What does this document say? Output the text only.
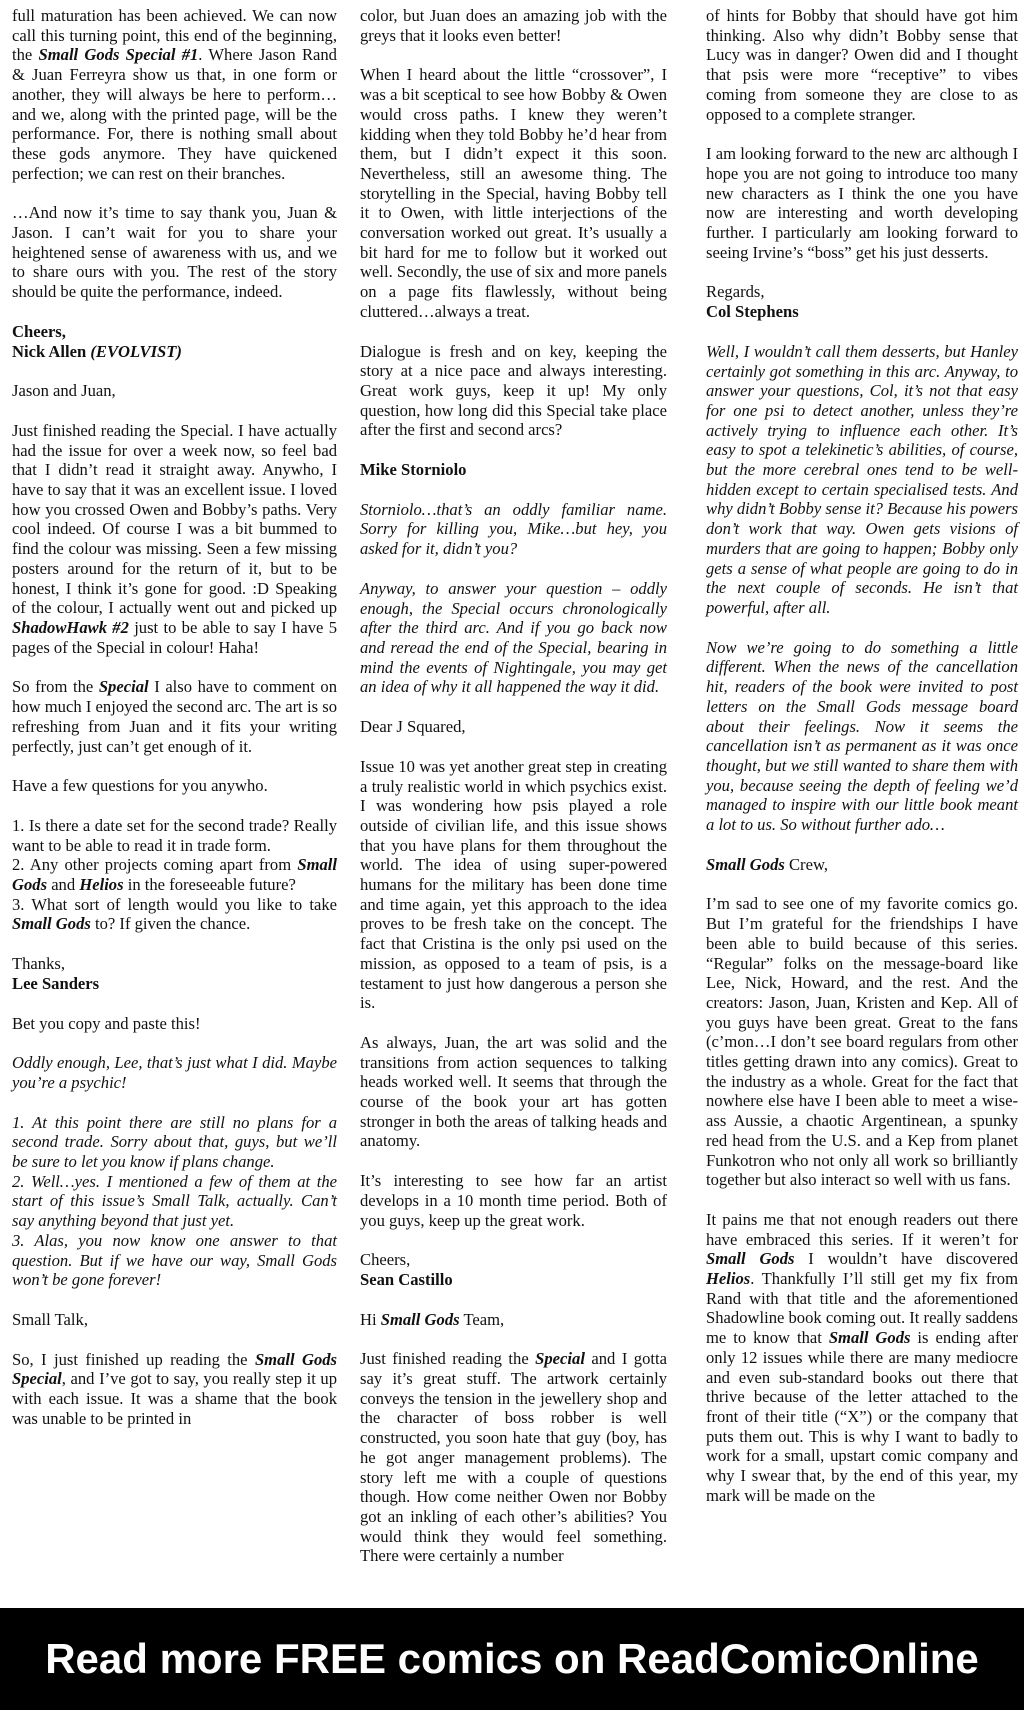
full maturation has been achieved. We can now call this turning point, this end of the beginning, the Small Gods Special #1. Where Jason Rand & Juan Ferreyra show us that, in one form or another, they will always be here to perform…and we, along with the printed page, will be the performance. For, there is nothing small about these gods anymore. They have quickened perfection; we can rest on their branches.

…And now it’s time to say thank you, Juan & Jason. I can’t wait for you to share your heightened sense of awareness with us, and we to share ours with you. The rest of the story should be quite the performance, indeed.

Cheers,
Nick Allen (EVOLVIST)

Jason and Juan,

Just finished reading the Special. I have actually had the issue for over a week now, so feel bad that I didn’t read it straight away. Anywho, I have to say that it was an excellent issue. I loved how you crossed Owen and Bobby’s paths. Very cool indeed. Of course I was a bit bummed to find the colour was missing. Seen a few missing posters around for the return of it, but to be honest, I think it’s gone for good. :D Speaking of the colour, I actually went out and picked up ShadowHawk #2 just to be able to say I have 5 pages of the Special in colour! Haha!

So from the Special I also have to comment on how much I enjoyed the second arc. The art is so refreshing from Juan and it fits your writing perfectly, just can’t get enough of it.

Have a few questions for you anywho.

1. Is there a date set for the second trade? Really want to be able to read it in trade form.

2. Any other projects coming apart from Small Gods and Helios in the foreseeable future?

3. What sort of length would you like to take Small Gods to? If given the chance.

Thanks,
Lee Sanders

Bet you copy and paste this!

Oddly enough, Lee, that’s just what I did. Maybe you’re a psychic!

1. At this point there are still no plans for a second trade. Sorry about that, guys, but we’ll be sure to let you know if plans change.

2. Well…yes. I mentioned a few of them at the start of this issue’s Small Talk, actually. Can’t say anything beyond that just yet.

3. Alas, you now know one answer to that question. But if we have our way, Small Gods won’t be gone forever!

Small Talk,

So, I just finished up reading the Small Gods Special, and I’ve got to say, you really step it up with each issue. It was a shame that the book was unable to be printed in

color, but Juan does an amazing job with the greys that it looks even better!

When I heard about the little “crossover”, I was a bit sceptical to see how Bobby & Owen would cross paths. I knew they weren’t kidding when they told Bobby he’d hear from them, but I didn’t expect it this soon. Nevertheless, still an awesome thing. The storytelling in the Special, having Bobby tell it to Owen, with little interjections of the conversation worked out great. It’s usually a bit hard for me to follow but it worked out well. Secondly, the use of six and more panels on a page fits flawlessly, without being cluttered…always a treat.

Dialogue is fresh and on key, keeping the story at a nice pace and always interesting. Great work guys, keep it up! My only question, how long did this Special take place after the first and second arcs?

Mike Storniolo

Storniolo…that’s an oddly familiar name. Sorry for killing you, Mike…but hey, you asked for it, didn’t you?

Anyway, to answer your question – oddly enough, the Special occurs chronologically after the third arc. And if you go back now and reread the end of the Special, bearing in mind the events of Nightingale, you may get an idea of why it all happened the way it did.

Dear J Squared,

Issue 10 was yet another great step in creating a truly realistic world in which psychics exist. I was wondering how psis played a role outside of civilian life, and this issue shows that you have plans for them throughout the world. The idea of using super-powered humans for the military has been done time and time again, yet this approach to the idea proves to be fresh take on the concept. The fact that Cristina is the only psi used on the mission, as opposed to a team of psis, is a testament to just how dangerous a person she is.

As always, Juan, the art was solid and the transitions from action sequences to talking heads worked well. It seems that through the course of the book your art has gotten stronger in both the areas of talking heads and anatomy.

It’s interesting to see how far an artist develops in a 10 month time period. Both of you guys, keep up the great work.

Cheers,
Sean Castillo

Hi Small Gods Team,

Just finished reading the Special and I gotta say it’s great stuff. The artwork certainly conveys the tension in the jewellery shop and the character of boss robber is well constructed, you soon hate that guy (boy, has he got anger management problems). The story left me with a couple of questions though. How come neither Owen nor Bobby got an inkling of each other’s abilities? You would think they would feel something. There were certainly a number

of hints for Bobby that should have got him thinking. Also why didn’t Bobby sense that Lucy was in danger? Owen did and I thought that psis were more “receptive” to vibes coming from someone they are close to as opposed to a complete stranger.

I am looking forward to the new arc although I hope you are not going to introduce too many new characters as I think the one you have now are interesting and worth developing further. I particularly am looking forward to seeing Irvine’s “boss” get his just desserts.

Regards,
Col Stephens

Well, I wouldn’t call them desserts, but Hanley certainly got something in this arc. Anyway, to answer your questions, Col, it’s not that easy for one psi to detect another, unless they’re actively trying to influence each other. It’s easy to spot a telekinetic’s abilities, of course, but the more cerebral ones tend to be well-hidden except to certain specialised tests. And why didn’t Bobby sense it? Because his powers don’t work that way. Owen gets visions of murders that are going to happen; Bobby only gets a sense of what people are going to do in the next couple of seconds. He isn’t that powerful, after all.

Now we’re going to do something a little different. When the news of the cancellation hit, readers of the book were invited to post letters on the Small Gods message board about their feelings. Now it seems the cancellation isn’t as permanent as it was once thought, but we still wanted to share them with you, because seeing the depth of feeling we’d managed to inspire with our little book meant a lot to us. So without further ado…

Small Gods Crew,

I’m sad to see one of my favorite comics go. But I’m grateful for the friendships I have been able to build because of this series. “Regular” folks on the message-board like Lee, Nick, Howard, and the rest. And the creators: Jason, Juan, Kristen and Kep. All of you guys have been great. Great to the fans (c’mon…I don’t see board regulars from other titles getting drawn into any comics). Great to the industry as a whole. Great for the fact that nowhere else have I been able to meet a wise-ass Aussie, a chaotic Argentinean, a spunky red head from the U.S. and a Kep from planet Funkotron who not only all work so brilliantly together but also interact so well with us fans.

It pains me that not enough readers out there have embraced this series. If it weren’t for Small Gods I wouldn’t have discovered Helios. Thankfully I’ll still get my fix from Rand with that title and the aforementioned Shadowline book coming out. It really saddens me to know that Small Gods is ending after only 12 issues while there are many mediocre and even sub-standard books out there that thrive because of the letter attached to the front of their title (“X”) or the company that puts them out. This is why I want to badly to work for a small, upstart comic company and why I swear that, by the end of this year, my mark will be made on the

Read more FREE comics on ReadComicOnline
